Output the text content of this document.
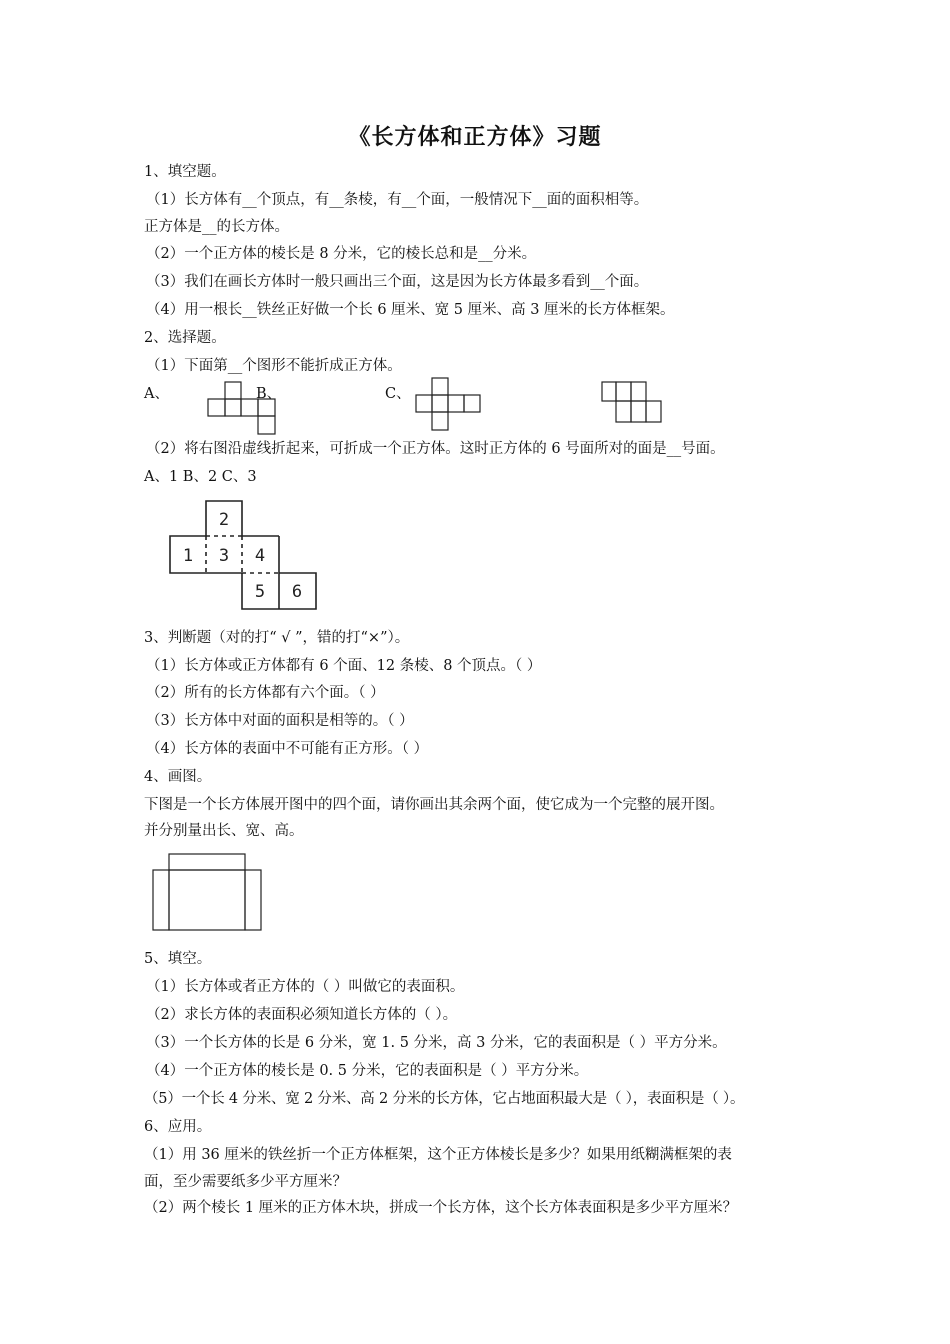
《长方体和正方体》习题
1、填空题。
（1）长方体有__个顶点，有__条棱，有__个面，一般情况下__面的面积相等。
正方体是__的长方体。
（2）一个正方体的棱长是 8 分米，它的棱长总和是__分米。
（3）我们在画长方体时一般只画出三个面，这是因为长方体最多看到__个面。
（4）用一根长__铁丝正好做一个长 6 厘米、宽 5 厘米、高 3 厘米的长方体框架。
2、选择题。
（1）下面第__个图形不能折成正方体。
A、	B、	C、
（2）将右图沿虚线折起来，可折成一个正方体。这时正方体的 6 号面所对的面是__号面。
A、1 B、2 C、3
1
2
3 4
5 6
3、判断题（对的打“ √ ”，错的打“×”）。
（1）长方体或正方体都有 6 个面、12 条棱、8 个顶点。（ ）
（2）所有的长方体都有六个面。（ ）
（3）长方体中对面的面积是相等的。（ ）
（4）长方体的表面中不可能有正方形。（ ）
4、画图。
下图是一个长方体展开图中的四个面，请你画出其余两个面，使它成为一个完整的展开图。
并分别量出长、宽、高。
5、填空。
（1）长方体或者正方体的（ ）叫做它的表面积。
（2）求长方体的表面积必须知道长方体的（ ）。
（3）一个长方体的长是 6 分米，宽 1. 5 分米，高 3 分米，它的表面积是（ ）平方分米。
（4）一个正方体的棱长是 0. 5 分米，它的表面积是（ ）平方分米。
（5）一个长 4 分米、宽 2 分米、高 2 分米的长方体，它占地面积最大是（ ），表面积是（ ）。
6、应用。
（1）用 36 厘米的铁丝折一个正方体框架，这个正方体棱长是多少？如果用纸糊满框架的表
面，至少需要纸多少平方厘米？
（2）两个棱长 1 厘米的正方体木块，拼成一个长方体，这个长方体表面积是多少平方厘米？
